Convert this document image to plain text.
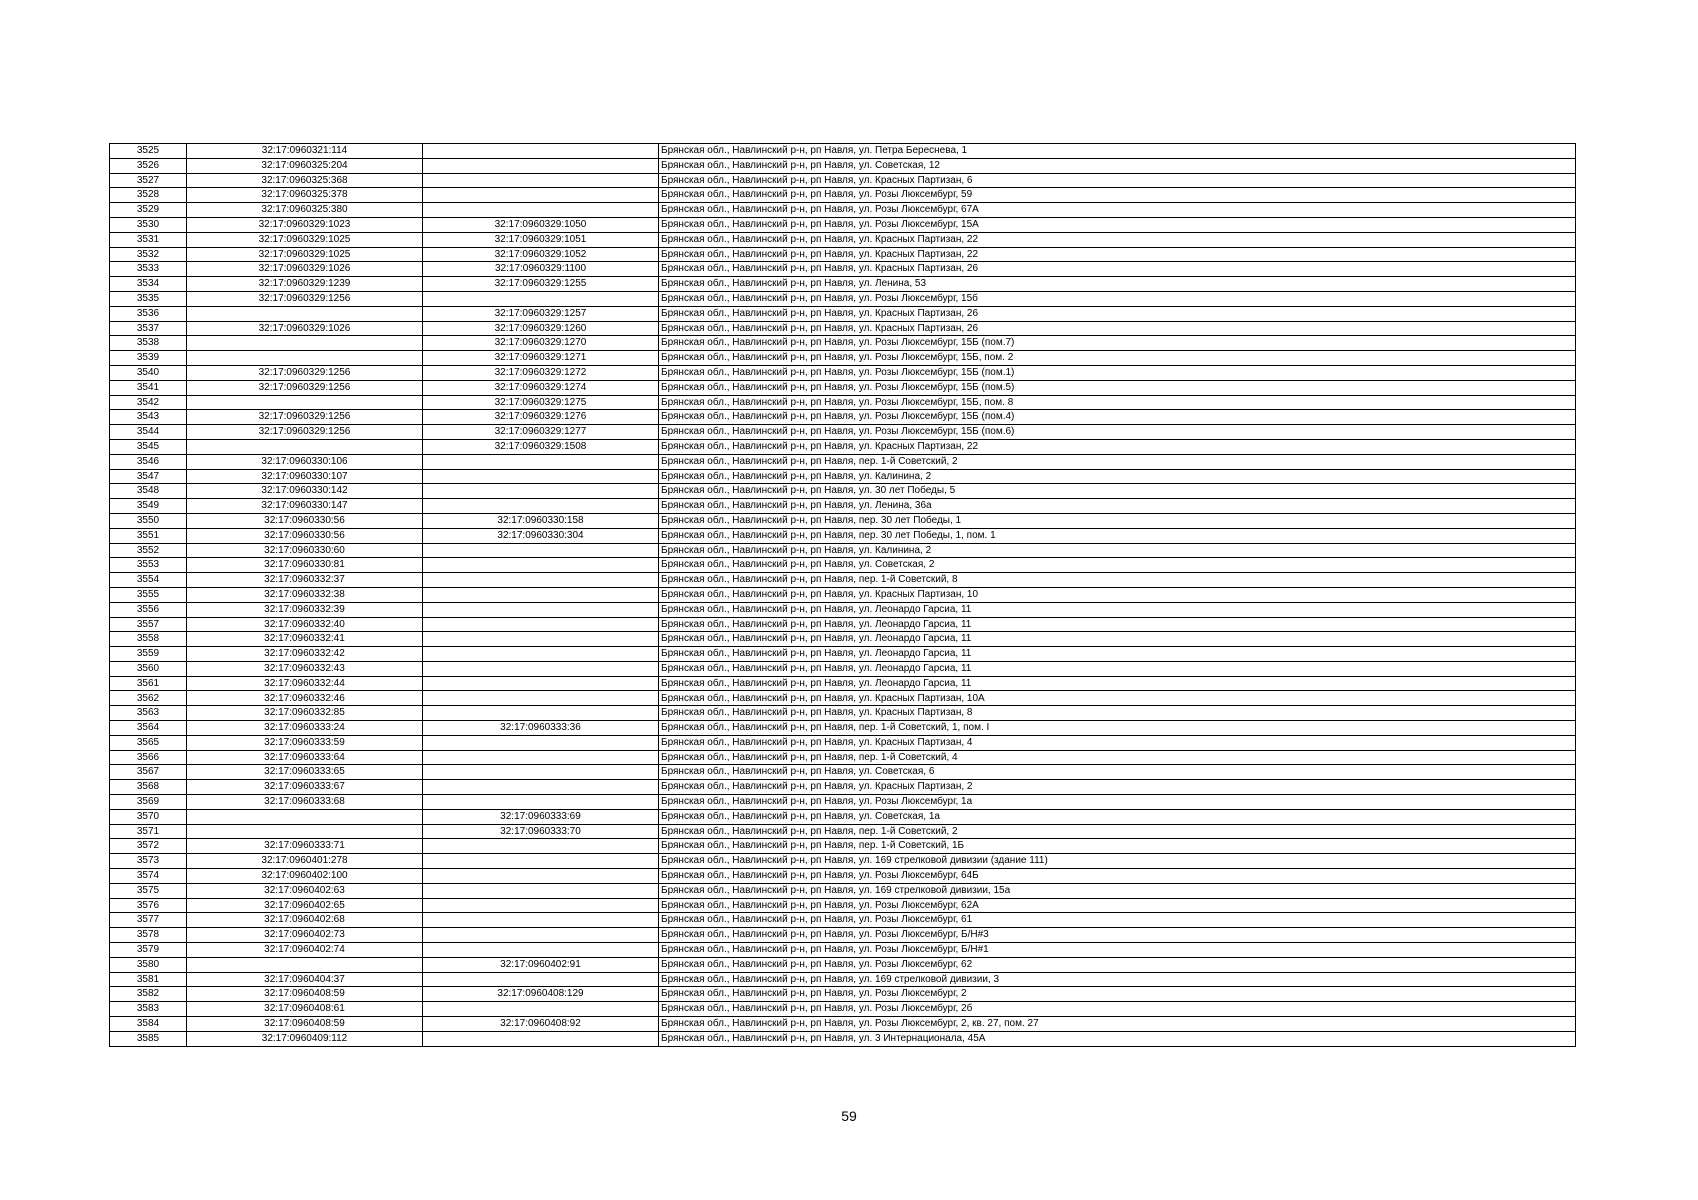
3525	32:17:0960321:114		Брянская обл., Навлинский р-н, рп Навля, ул. Петра Береснева, 1
3526	32:17:0960325:204		Брянская обл., Навлинский р-н, рп Навля, ул. Советская, 12
3527	32:17:0960325:368		Брянская обл., Навлинский р-н, рп Навля, ул. Красных Партизан, 6
3528	32:17:0960325:378		Брянская обл., Навлинский р-н, рп Навля, ул. Розы Люксембург, 59
3529	32:17:0960325:380		Брянская обл., Навлинский р-н, рп Навля, ул. Розы Люксембург, 67А
3530	32:17:0960329:1023	32:17:0960329:1050	Брянская обл., Навлинский р-н, рп Навля, ул. Розы Люксембург, 15А
3531	32:17:0960329:1025	32:17:0960329:1051	Брянская обл., Навлинский р-н, рп Навля, ул. Красных Партизан, 22
3532	32:17:0960329:1025	32:17:0960329:1052	Брянская обл., Навлинский р-н, рп Навля, ул. Красных Партизан, 22
3533	32:17:0960329:1026	32:17:0960329:1100	Брянская обл., Навлинский р-н, рп Навля, ул. Красных Партизан, 26
3534	32:17:0960329:1239	32:17:0960329:1255	Брянская обл., Навлинский р-н, рп Навля, ул. Ленина, 53
3535	32:17:0960329:1256		Брянская обл., Навлинский р-н, рп Навля, ул. Розы Люксембург, 15б
3536		32:17:0960329:1257	Брянская обл., Навлинский р-н, рп Навля, ул. Красных Партизан, 26
3537	32:17:0960329:1026	32:17:0960329:1260	Брянская обл., Навлинский р-н, рп Навля, ул. Красных Партизан, 26
3538		32:17:0960329:1270	Брянская обл., Навлинский р-н, рп Навля, ул. Розы Люксембург, 15Б (пом.7)
3539		32:17:0960329:1271	Брянская обл., Навлинский р-н, рп Навля, ул. Розы Люксембург, 15Б, пом. 2
3540	32:17:0960329:1256	32:17:0960329:1272	Брянская обл., Навлинский р-н, рп Навля, ул. Розы Люксембург, 15Б (пом.1)
3541	32:17:0960329:1256	32:17:0960329:1274	Брянская обл., Навлинский р-н, рп Навля, ул. Розы Люксембург, 15Б (пом.5)
3542		32:17:0960329:1275	Брянская обл., Навлинский р-н, рп Навля, ул. Розы Люксембург, 15Б, пом. 8
3543	32:17:0960329:1256	32:17:0960329:1276	Брянская обл., Навлинский р-н, рп Навля, ул. Розы Люксембург, 15Б (пом.4)
3544	32:17:0960329:1256	32:17:0960329:1277	Брянская обл., Навлинский р-н, рп Навля, ул. Розы Люксембург, 15Б (пом.6)
3545		32:17:0960329:1508	Брянская обл., Навлинский р-н, рп Навля, ул. Красных Партизан, 22
3546	32:17:0960330:106		Брянская обл., Навлинский р-н, рп Навля, пер. 1-й Советский, 2
3547	32:17:0960330:107		Брянская обл., Навлинский р-н, рп Навля, ул. Калинина, 2
3548	32:17:0960330:142		Брянская обл., Навлинский р-н, рп Навля, ул. 30 лет Победы, 5
3549	32:17:0960330:147		Брянская обл., Навлинский р-н, рп Навля, ул. Ленина, 36а
3550	32:17:0960330:56	32:17:0960330:158	Брянская обл., Навлинский р-н, рп Навля, пер. 30 лет Победы, 1
3551	32:17:0960330:56	32:17:0960330:304	Брянская обл., Навлинский р-н, рп Навля, пер. 30 лет Победы, 1, пом. 1
3552	32:17:0960330:60		Брянская обл., Навлинский р-н, рп Навля, ул. Калинина, 2
3553	32:17:0960330:81		Брянская обл., Навлинский р-н, рп Навля, ул. Советская, 2
3554	32:17:0960332:37		Брянская обл., Навлинский р-н, рп Навля, пер. 1-й Советский, 8
3555	32:17:0960332:38		Брянская обл., Навлинский р-н, рп Навля, ул. Красных Партизан, 10
3556	32:17:0960332:39		Брянская обл., Навлинский р-н, рп Навля, ул. Леонардо Гарсиа, 11
3557	32:17:0960332:40		Брянская обл., Навлинский р-н, рп Навля, ул. Леонардо Гарсиа, 11
3558	32:17:0960332:41		Брянская обл., Навлинский р-н, рп Навля, ул. Леонардо Гарсиа, 11
3559	32:17:0960332:42		Брянская обл., Навлинский р-н, рп Навля, ул. Леонардо Гарсиа, 11
3560	32:17:0960332:43		Брянская обл., Навлинский р-н, рп Навля, ул. Леонардо Гарсиа, 11
3561	32:17:0960332:44		Брянская обл., Навлинский р-н, рп Навля, ул. Леонардо Гарсиа, 11
3562	32:17:0960332:46		Брянская обл., Навлинский р-н, рп Навля, ул. Красных Партизан, 10А
3563	32:17:0960332:85		Брянская обл., Навлинский р-н, рп Навля, ул. Красных Партизан, 8
3564	32:17:0960333:24	32:17:0960333:36	Брянская обл., Навлинский р-н, рп Навля, пер. 1-й Советский, 1, пом. I
3565	32:17:0960333:59		Брянская обл., Навлинский р-н, рп Навля, ул. Красных Партизан, 4
3566	32:17:0960333:64		Брянская обл., Навлинский р-н, рп Навля, пер. 1-й Советский, 4
3567	32:17:0960333:65		Брянская обл., Навлинский р-н, рп Навля, ул. Советская, 6
3568	32:17:0960333:67		Брянская обл., Навлинский р-н, рп Навля, ул. Красных Партизан, 2
3569	32:17:0960333:68		Брянская обл., Навлинский р-н, рп Навля, ул. Розы Люксембург, 1а
3570		32:17:0960333:69	Брянская обл., Навлинский р-н, рп Навля, ул. Советская, 1а
3571		32:17:0960333:70	Брянская обл., Навлинский р-н, рп Навля, пер. 1-й Советский, 2
3572	32:17:0960333:71		Брянская обл., Навлинский р-н, рп Навля, пер. 1-й Советский, 1Б
3573	32:17:0960401:278		Брянская обл., Навлинский р-н, рп Навля, ул. 169 стрелковой дивизии (здание 111)
3574	32:17:0960402:100		Брянская обл., Навлинский р-н, рп Навля, ул. Розы Люксембург, 64Б
3575	32:17:0960402:63		Брянская обл., Навлинский р-н, рп Навля, ул. 169 стрелковой дивизии, 15а
3576	32:17:0960402:65		Брянская обл., Навлинский р-н, рп Навля, ул. Розы Люксембург, 62А
3577	32:17:0960402:68		Брянская обл., Навлинский р-н, рп Навля, ул. Розы Люксембург, 61
3578	32:17:0960402:73		Брянская обл., Навлинский р-н, рп Навля, ул. Розы Люксембург, Б/Н#3
3579	32:17:0960402:74		Брянская обл., Навлинский р-н, рп Навля, ул. Розы Люксембург, Б/Н#1
3580		32:17:0960402:91	Брянская обл., Навлинский р-н, рп Навля, ул. Розы Люксембург, 62
3581	32:17:0960404:37		Брянская обл., Навлинский р-н, рп Навля, ул. 169 стрелковой дивизии, 3
3582	32:17:0960408:59	32:17:0960408:129	Брянская обл., Навлинский р-н, рп Навля, ул. Розы Люксембург, 2
3583	32:17:0960408:61		Брянская обл., Навлинский р-н, рп Навля, ул. Розы Люксембург, 2б
3584	32:17:0960408:59	32:17:0960408:92	Брянская обл., Навлинский р-н, рп Навля, ул. Розы Люксембург, 2, кв. 27, пом. 27
3585	32:17:0960409:112		Брянская обл., Навлинский р-н, рп Навля, ул. 3 Интернационала, 45А
59
